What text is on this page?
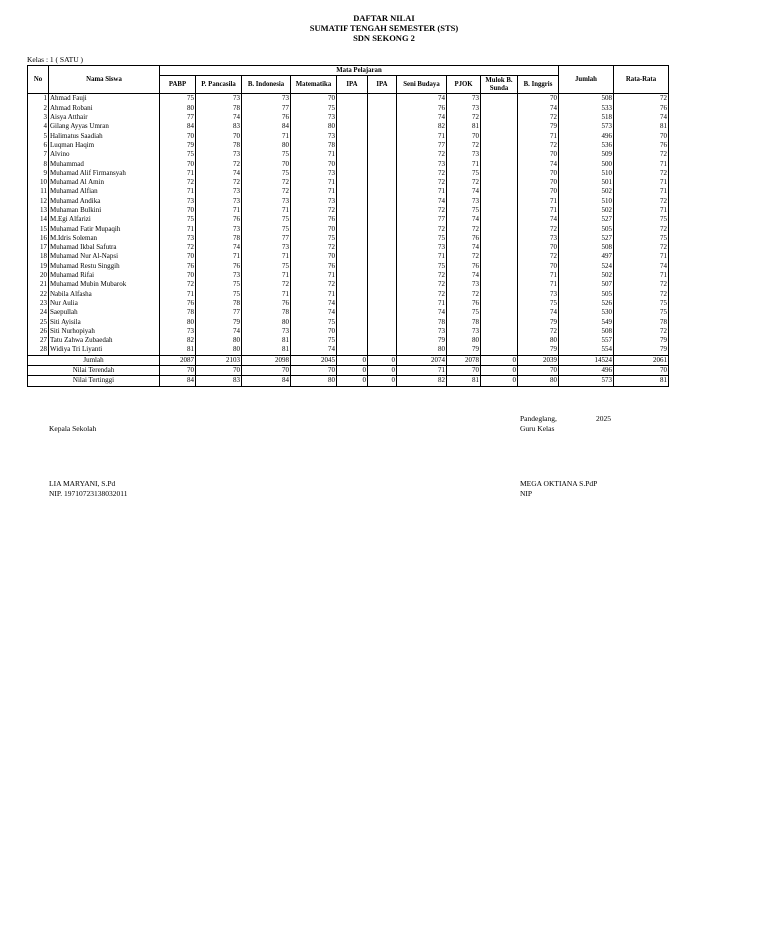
DAFTAR NILAI
SUMATIF TENGAH SEMESTER (STS)
SDN SEKONG 2
Kelas : 1 ( SATU )
No	Nama Siswa	Mata Pelajaran										Jumlah	Rata-Rata
		PABP	P. Pancasila	B. Indonesia	Matematika	IPA	IPA	Seni Budaya	PJOK	Mulok B. Sunda	B. Inggris		
1	Ahmad Fauji	75	73	73	70			74	73		70	508	72
2	Ahmad Robani	80	78	77	75			76	73		74	533	76
3	Aisya Atthair	77	74	76	73			74	72		72	518	74
4	Gilang Ayyas Umran	84	83	84	80			82	81		79	573	81
5	Halimatus Saadiah	70	70	71	73			71	70		71	496	70
6	Luqman Haqim	79	78	80	78			77	72		72	536	76
7	Alvino	75	73	75	71			72	73		70	509	72
8	Muhammad	70	72	70	70			73	71		74	500	71
9	Muhamad Alif Firmansyah	71	74	75	73			72	75		70	510	72
10	Muhamad Al Amin	72	72	72	71			72	72		70	501	71
11	Muhamad Alfian	71	73	72	71			71	74		70	502	71
12	Muhamad Andika	73	73	73	73			74	73		71	510	72
13	Muhaman Bulkini	70	71	71	72			72	75		71	502	71
14	M.Egi Alfarizi	75	76	75	76			77	74		74	527	75
15	Muhamad Fatir Mupaqih	71	73	75	70			72	72		72	505	72
16	M.Idris Soleman	73	78	77	75			75	76		73	527	75
17	Muhamad Ikbal Safutra	72	74	73	72			73	74		70	508	72
18	Muhamad Nur Al-Napsi	70	71	71	70			71	72		72	497	71
19	Muhamad Restu Singgih	76	76	75	76			75	76		70	524	74
20	Muhamad Rifai	70	73	71	71			72	74		71	502	71
21	Muhamad Mubin Mubarok	72	75	72	72			72	73		71	507	72
22	Nabila Alfasha	71	75	71	71			72	72		73	505	72
23	Nur Aulia	76	78	76	74			71	76		75	526	75
24	Saepullah	78	77	78	74			74	75		74	530	75
25	Siti Ayisila	80	79	80	75			78	78		79	549	78
26	Siti Nurhopiyah	73	74	73	70			73	73		72	508	72
27	Tatu Zahwa Zubaedah	82	80	81	75			79	80		80	557	79
28	Widiya Tri Liyanti	81	80	81	74			80	79		79	554	79
Jumlah		2087	2103	2098	2045	0	0	2074	2078	0	2039	14524	2061
Nilai Terendah		70	70	70	70	0	0	71	70	0	70	496	70
Nilai Tertinggi		84	83	84	80	0	0	82	81	0	80	573	81
Pandeglang,	2025
Kepala Sekolah	Guru Kelas
LIA MARYANI, S.Pd
NIP. 19710723138032011
MEGA OKTIANA S.PdP
NIP
